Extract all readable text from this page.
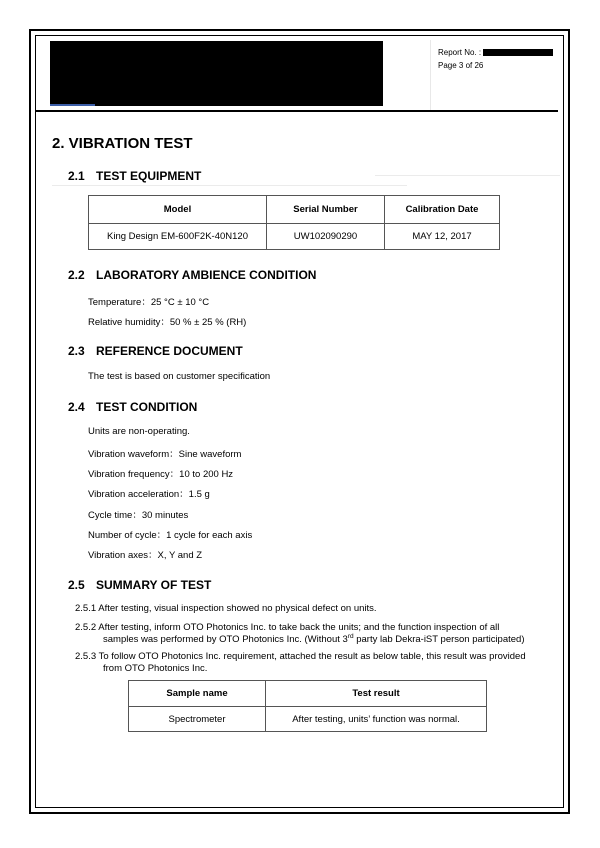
Report No. :
Page 3 of 26
2. VIBRATION TEST
2.1 TEST EQUIPMENT
Model	Serial Number	Calibration Date
King Design EM-600F2K-40N120	UW102090290	MAY 12, 2017
2.2 LABORATORY AMBIENCE CONDITION
Temperature：25 °C ± 10 °C
Relative humidity：50 % ± 25 % (RH)
2.3 REFERENCE DOCUMENT
The test is based on customer specification
2.4 TEST CONDITION
Units are non-operating.
Vibration waveform：Sine waveform
Vibration frequency：10 to 200 Hz
Vibration acceleration：1.5 g
Cycle time：30 minutes
Number of cycle：1 cycle for each axis
Vibration axes：X, Y and Z
2.5 SUMMARY OF TEST
2.5.1 After testing, visual inspection showed no physical defect on units.
2.5.2 After testing, inform OTO Photonics Inc. to take back the units; and the function inspection of all
samples was performed by OTO Photonics Inc. (Without 3rd party lab Dekra-iST person participated)
2.5.3 To follow OTO Photonics Inc. requirement, attached the result as below table, this result was provided
from OTO Photonics Inc.
Sample name	Test result
Spectrometer	After testing, units’ function was normal.
